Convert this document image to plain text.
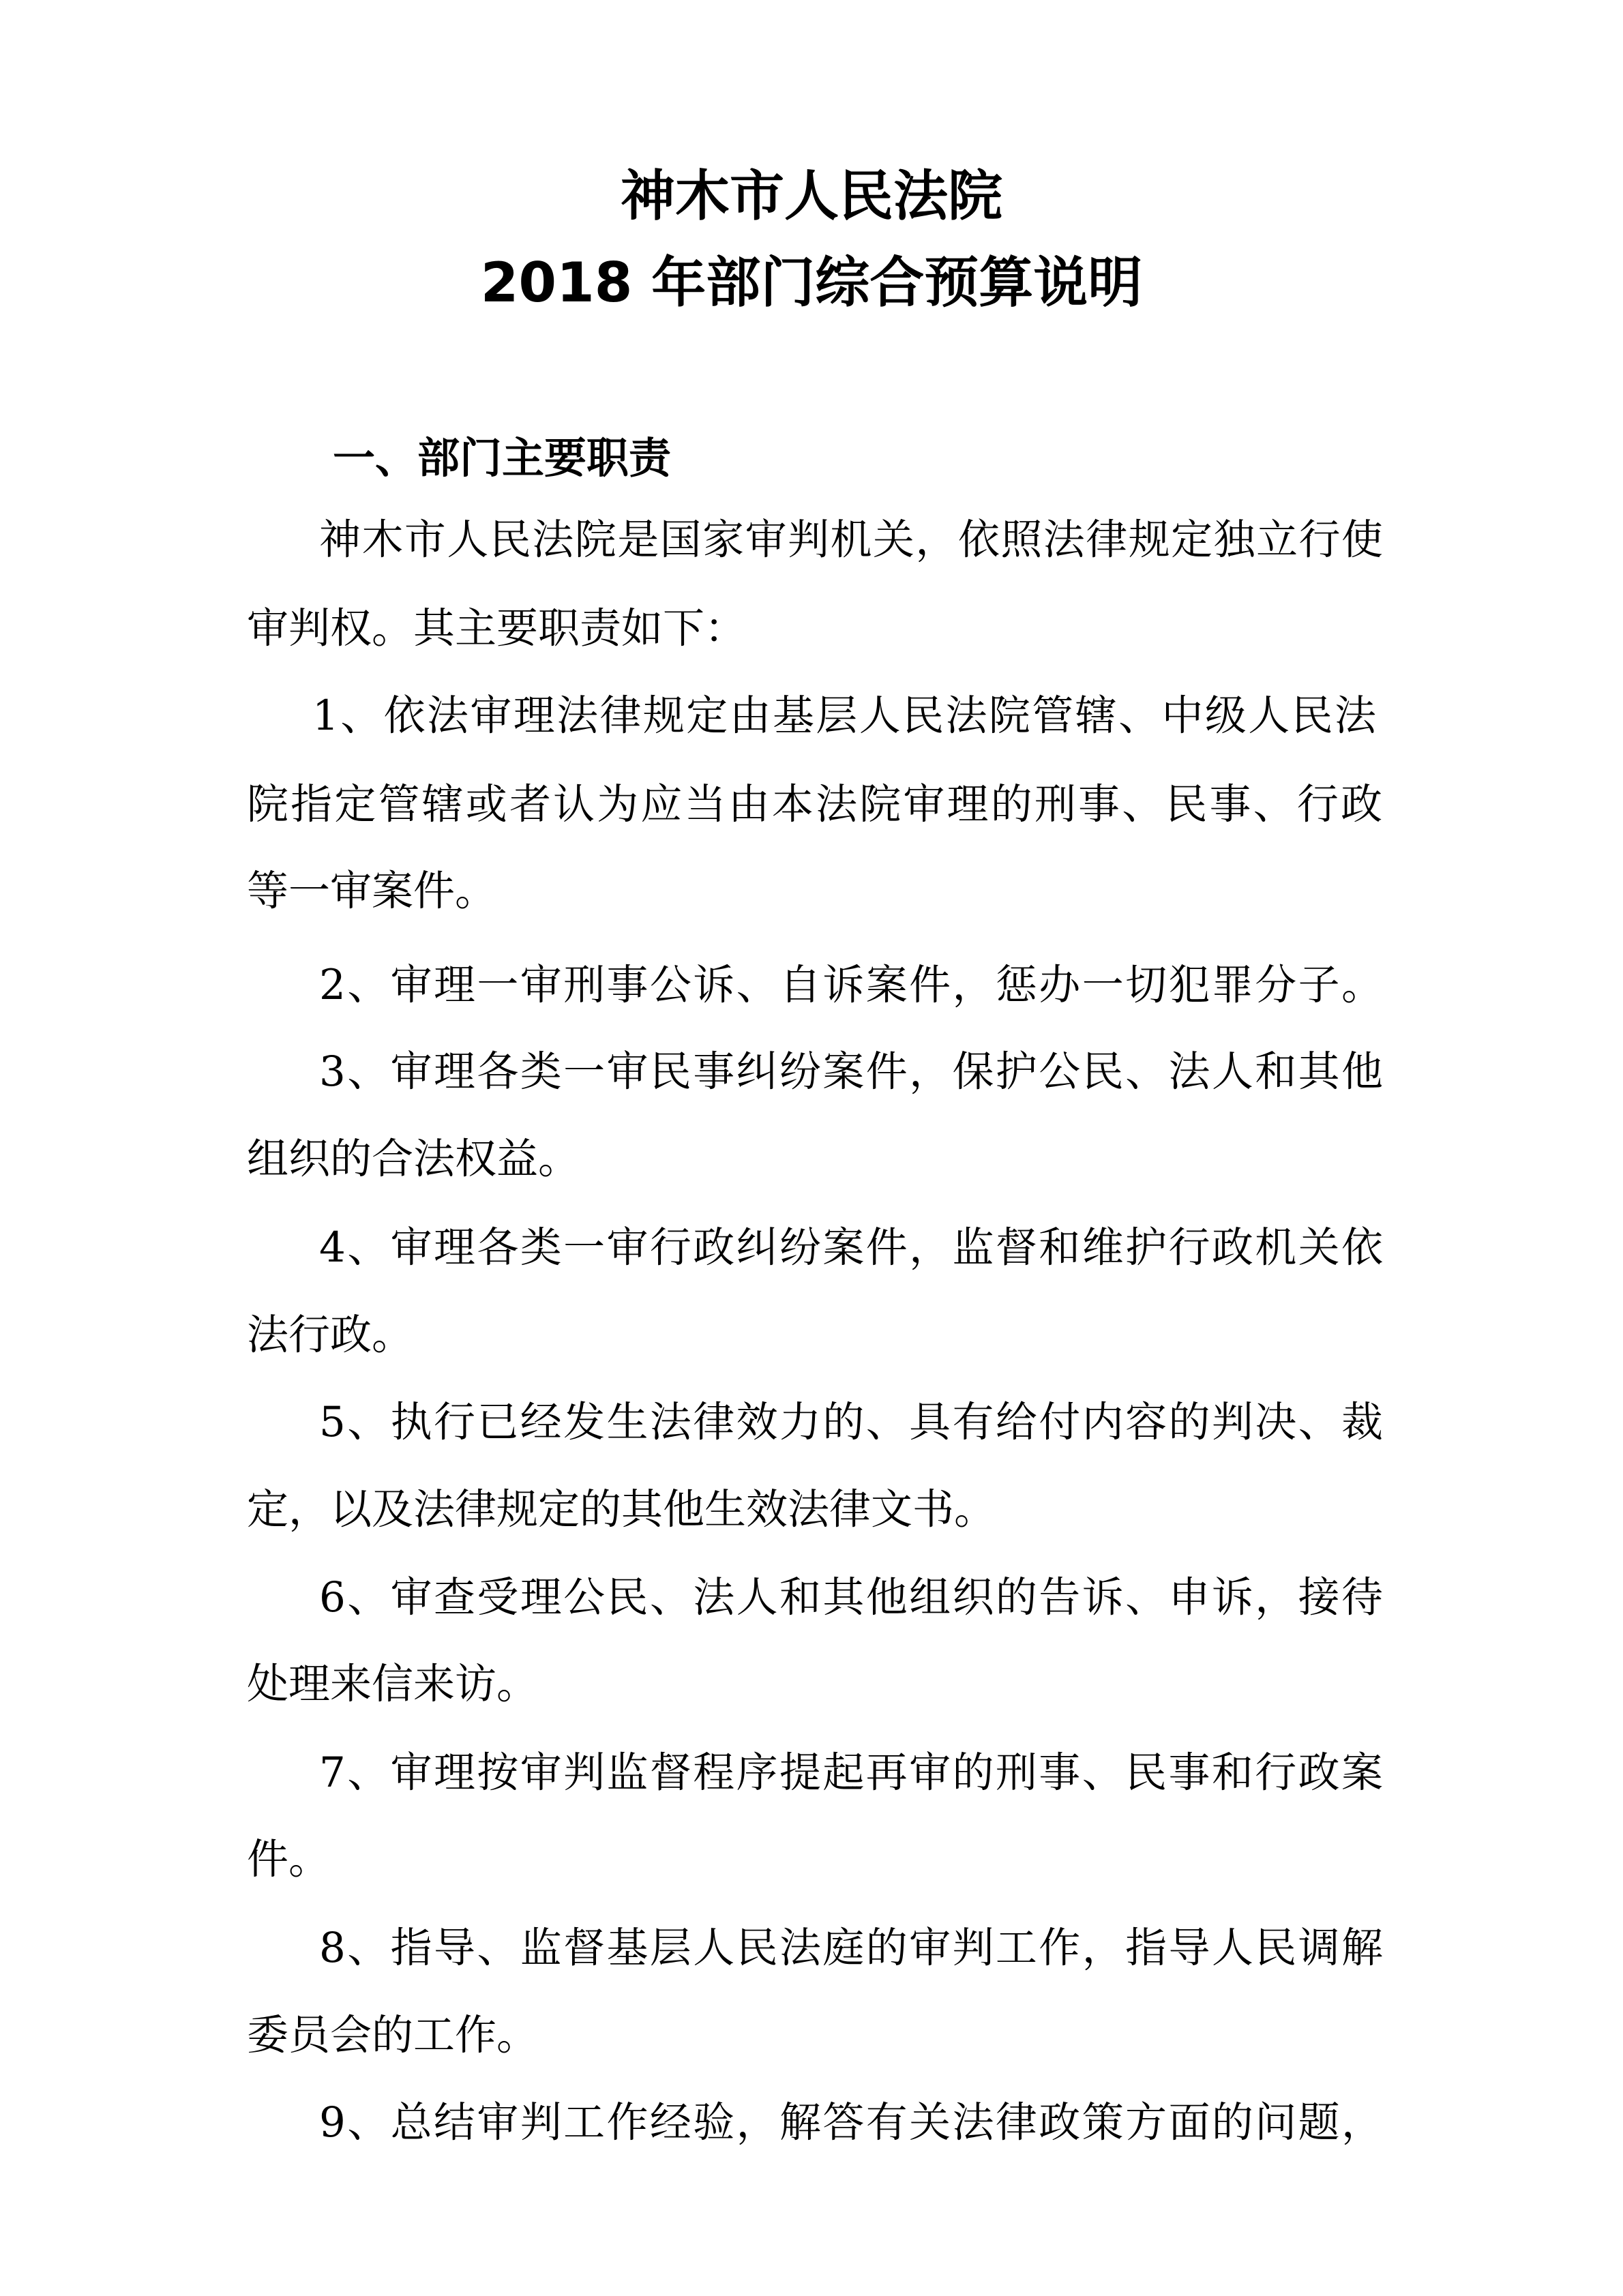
神木市人民法院
2018 年部门综合预算说明
一、部门主要职责
神木市人民法院是国家审判机关，依照法律规定独立行使
审判权。其主要职责如下：
1、依法审理法律规定由基层人民法院管辖、中级人民法
院指定管辖或者认为应当由本法院审理的刑事、民事、行政
等一审案件。
2、审理一审刑事公诉、自诉案件，惩办一切犯罪分子。
3、审理各类一审民事纠纷案件，保护公民、法人和其他
组织的合法权益。
4、审理各类一审行政纠纷案件，监督和维护行政机关依
法行政。
5、执行已经发生法律效力的、具有给付内容的判决、裁
定，以及法律规定的其他生效法律文书。
6、审查受理公民、法人和其他组织的告诉、申诉，接待
处理来信来访。
7、审理按审判监督程序提起再审的刑事、民事和行政案
件。
8、指导、监督基层人民法庭的审判工作，指导人民调解
委员会的工作。
9、总结审判工作经验，解答有关法律政策方面的问题，
